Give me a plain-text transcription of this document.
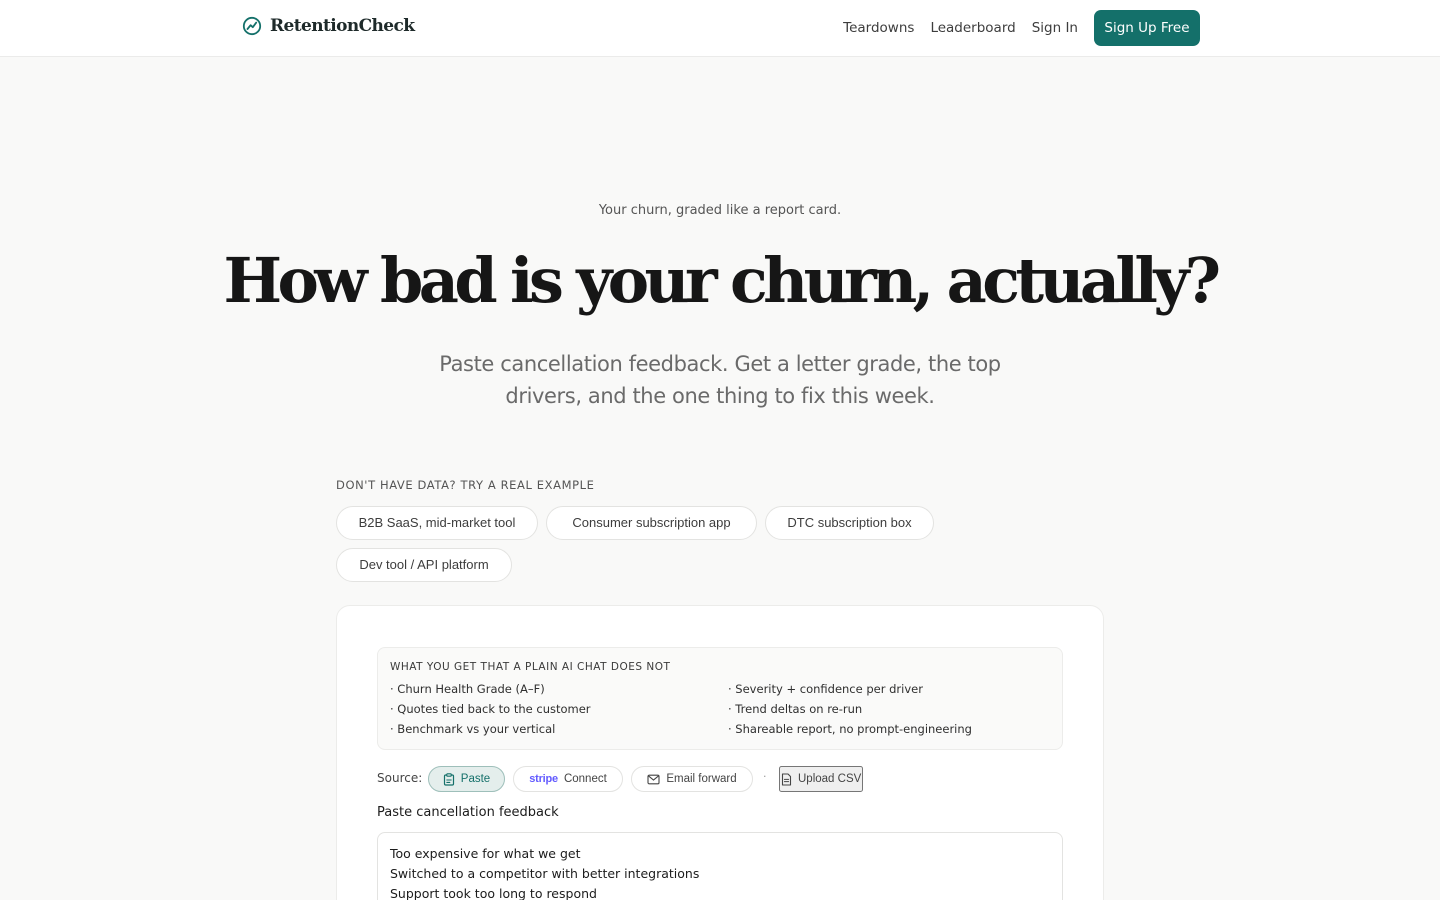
RetentionCheck	Teardowns Leaderboard Sign In	Sign Up Free

Your churn, graded like a report card.

How bad is your churn, actually?

Paste cancellation feedback. Get a letter grade, the top drivers, and the one thing to fix this week.

DON'T HAVE DATA? TRY A REAL EXAMPLE
B2B SaaS, mid-market tool	Consumer subscription app	DTC subscription box
Dev tool / API platform
WHAT YOU GET THAT A PLAIN AI CHAT DOES NOT
· Churn Health Grade (A–F)
· Quotes tied back to the customer
· Benchmark vs your vertical
· Severity + confidence per driver
· Trend deltas on re-run
· Shareable report, no prompt-engineering
Source:	Paste	stripe Connect	Email forward ·	Upload CSV
Paste cancellation feedback
Too expensive for what we get
Switched to a competitor with better integrations
Support took too long to respond
